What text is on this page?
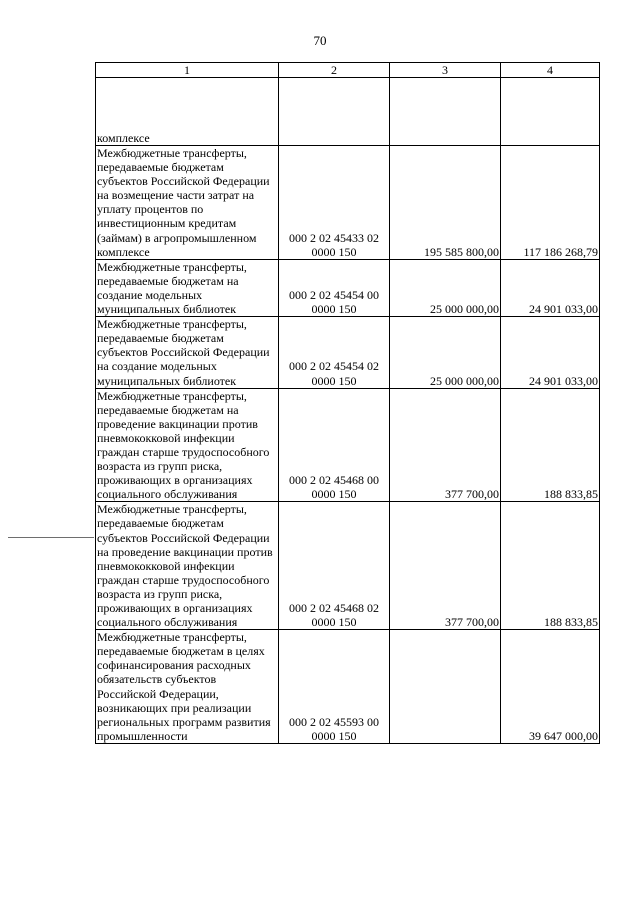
70
1	2	3	4
комплексе			
Межбюджетные трансферты, передаваемые бюджетам субъектов Российской Федерации на возмещение части затрат на уплату процентов по инвестиционным кредитам (займам) в агропромышленном комплексе	000 2 02 45433 02 0000 150	195 585 800,00	117 186 268,79
Межбюджетные трансферты, передаваемые бюджетам на создание модельных муниципальных библиотек	000 2 02 45454 00 0000 150	25 000 000,00	24 901 033,00
Межбюджетные трансферты, передаваемые бюджетам субъектов Российской Федерации на создание модельных муниципальных библиотек	000 2 02 45454 02 0000 150	25 000 000,00	24 901 033,00
Межбюджетные трансферты, передаваемые бюджетам на проведение вакцинации против пневмококковой инфекции граждан старше трудоспособного возраста из групп риска, проживающих в организациях социального обслуживания	000 2 02 45468 00 0000 150	377 700,00	188 833,85
Межбюджетные трансферты, передаваемые бюджетам субъектов Российской Федерации на проведение вакцинации против пневмококковой инфекции граждан старше трудоспособного возраста из групп риска, проживающих в организациях социального обслуживания	000 2 02 45468 02 0000 150	377 700,00	188 833,85
Межбюджетные трансферты, передаваемые бюджетам в целях софинансирования расходных обязательств субъектов Российской Федерации, возникающих при реализации региональных программ развития промышленности	000 2 02 45593 00 0000 150		39 647 000,00
